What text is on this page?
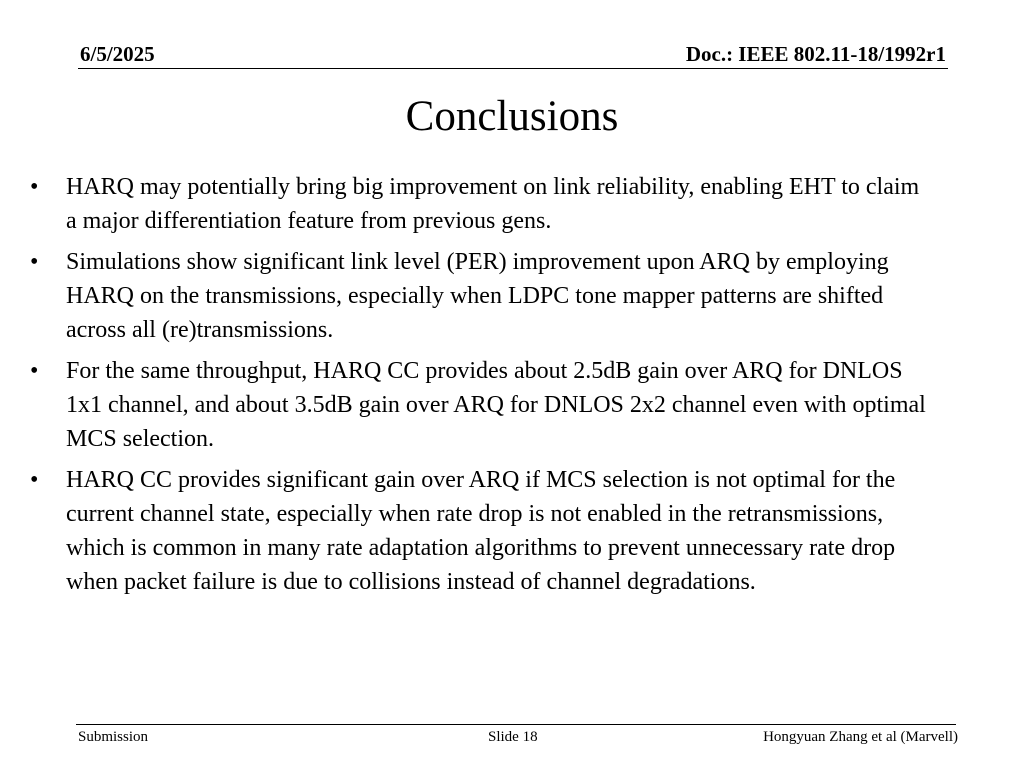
6/5/2025	Doc.: IEEE 802.11-18/1992r1
Conclusions
•	HARQ may potentially bring big improvement on link reliability, enabling EHT to claim a major differentiation feature from previous gens.
•	Simulations show significant link level (PER) improvement upon ARQ by employing HARQ on the transmissions, especially when LDPC tone mapper patterns are shifted across all (re)transmissions.
•	For the same throughput, HARQ CC provides about 2.5dB gain over ARQ for DNLOS 1x1 channel, and about 3.5dB gain over ARQ for DNLOS 2x2 channel even with optimal MCS selection.
•	HARQ CC provides significant gain over ARQ if MCS selection is not optimal for the current channel state, especially when rate drop is not enabled in the retransmissions, which is common in many rate adaptation algorithms to prevent unnecessary rate drop when packet failure is due to collisions instead of channel degradations.
Submission	Slide 18	Hongyuan Zhang et al (Marvell)
